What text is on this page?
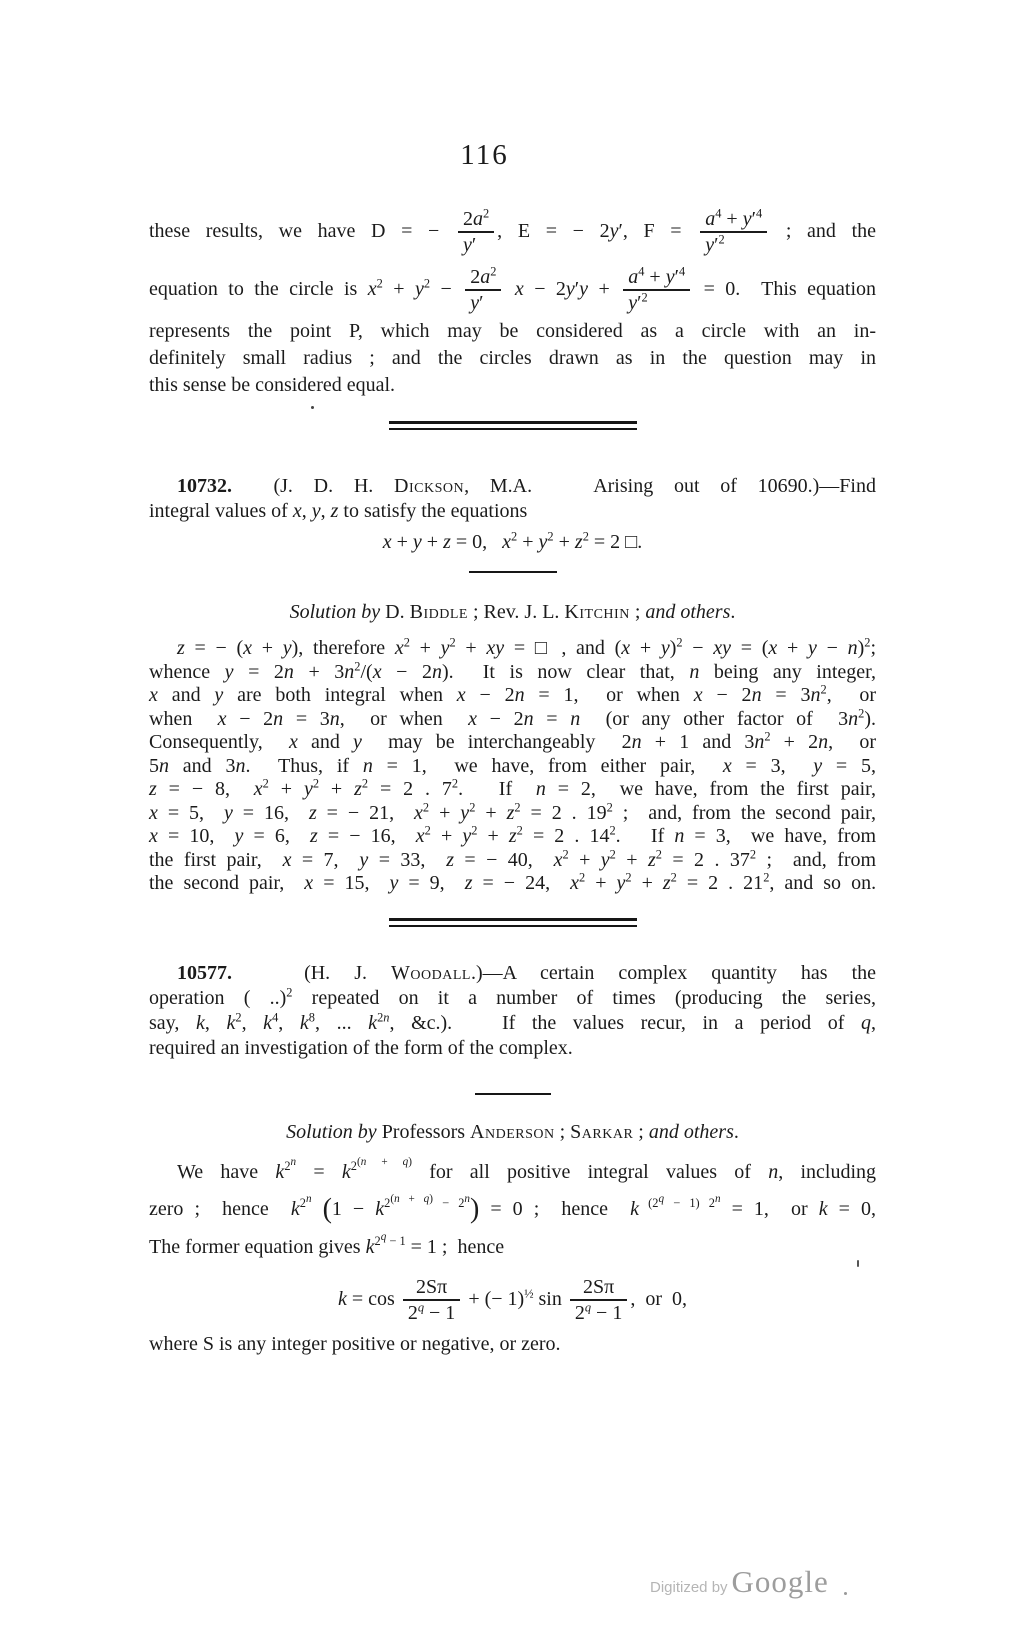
116
these results, we have D = − $\frac{2a^2}{y'}$ , E = − 2y′, $F = \frac{a^4 + y'^4}{y'^2}$ ; and the
equation to the circle is $x^2 + y^2 - \frac{2a^2}{y'}$ $x - 2y'y + \frac{a^4 + y'^4}{y'^2} = 0$.  This equation
represents the point P, which may be considered as a circle with an in-
definitely small radius ; and the circles drawn as in the question may in
this sense be considered equal.
10732.  (J. D. H. Dickson, M.A.   Arising out of 10690.)—Find
integral values of x, y, z to satisfy the equations
x + y + z = 0,   $x^2 + y^2 + z^2 = 2$ □.
Solution by D. Biddle ; Rev. J. L. Kitchin ; and others.
z = − (x + y), therefore $x^2 + y^2$ + xy = □ , and $(x + y)^2$ − xy = $(x + y - n)^2$;
whence $y = 2n + 3n^2/(x - 2n)$.  It is now clear that, n being any integer,
x and y are both integral when x − 2n = 1,  or when $x - 2n = 3n^2$,  or
when  x − 2n = 3n,  or when  x − 2n = n  (or any other factor of  $3n^2$).
Consequently,  x and y  may be interchangeably  2n + 1 and $3n^2 + 2n$,  or
5n and 3n.  Thus, if n = 1,  we have, from either pair,  x = 3,  y = 5,
z = − 8,  $x^2 + y^2 + z^2 = 2$ . $7^2$.   If  n = 2,  we have, from the first pair,
x = 5,  y = 16,  z = − 21,  $x^2 + y^2 + z^2 = 2$ . $19^2$ ;  and, from the second pair,
x = 10,  y = 6,  z = − 16,  $x^2 + y^2 + z^2 = 2$ . $14^2$.   If n = 3,  we have, from
the first pair,  x = 7,  y = 33,  z = − 40,  $x^2 + y^2 + z^2 = 2$ . $37^2$ ;  and, from
the second pair,  x = 15,  y = 9,  z = − 24,  $x^2 + y^2 + z^2 = 2$ . $21^2$, and so on.
10577.   (H. J. Woodall.)—A certain complex quantity has the
operation ( ..)$^2$ repeated on it a number of times (producing the series,
say, k, $k^2$, $k^4$, $k^8$, ... $k^{2n}$, &c.).   If the values recur, in a period of q,
required an investigation of the form of the complex.
Solution by Professors Anderson ; Sarkar ; and others.
We have $k^{2^n} = k^{2^{(n + q)}}$ for all positive integral values of n, including
zero ;  hence  $k^{2^n}$ $(1 - k^{2^{(n + q)} - 2^n}) = 0$ ;  hence  k $^{(2^q - 1) 2^n}$ = 1,  or k = 0,
The former equation gives $k^{2^q - 1} = 1$ ;  hence
$k = \cos \frac{2S\pi}{2^q - 1}$ + (− 1)$^{\frac{1}{2}}$ $\sin \frac{2S\pi}{2^q - 1}$ ,  or  0,
where S is any integer positive or negative, or zero.
Digitized by Google
